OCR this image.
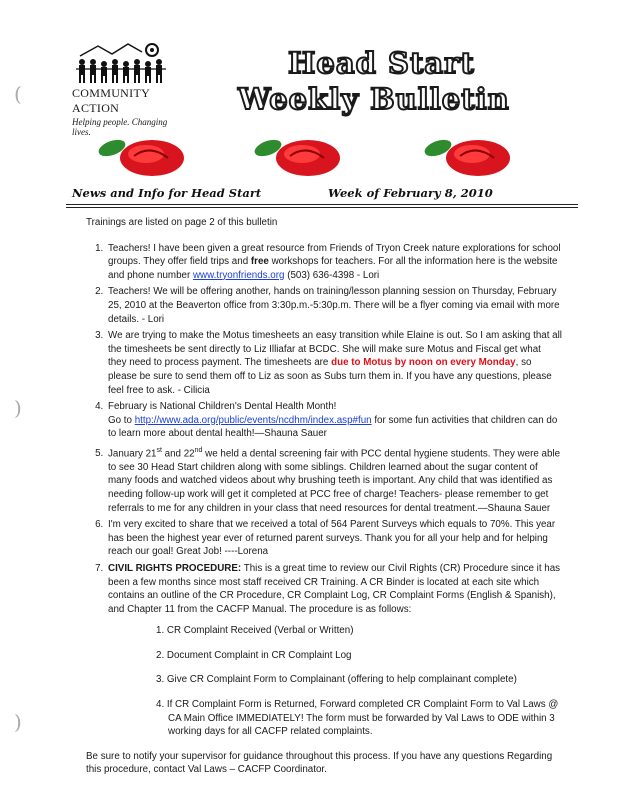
(
)
)
COMMUNITY ACTION
Helping people. Changing lives.
Head Start
Weekly Bulletin
News and Info for Head Start	Week of February 8, 2010

Trainings are listed on page 2 of this bulletin

1. Teachers! I have been given a great resource from Friends of Tryon Creek nature explorations for school groups. They offer field trips and free workshops for teachers. For all the information here is the website and phone number www.tryonfriends.org (503) 636-4398 - Lori
2. Teachers! We will be offering another, hands on training/lesson planning session on Thursday, February 25, 2010 at the Beaverton office from 3:30p.m.-5:30p.m. There will be a flyer coming via email with more details. - Lori
3. We are trying to make the Motus timesheets an easy transition while Elaine is out. So I am asking that all the timesheets be sent directly to Liz Illiafar at BCDC. She will make sure Motus and Fiscal get what they need to process payment. The timesheets are due to Motus by noon on every Monday, so please be sure to send them off to Liz as soon as Subs turn them in. If you have any questions, please feel free to ask. - Cilicia
4. February is National Children's Dental Health Month!
Go to http://www.ada.org/public/events/ncdhm/index.asp#fun for some fun activities that children can do to learn more about dental health!—Shauna Sauer
5. January 21st and 22nd we held a dental screening fair with PCC dental hygiene students. They were able to see 30 Head Start children along with some siblings. Children learned about the sugar content of many foods and watched videos about why brushing teeth is important. Any child that was identified as needing follow-up work will get it completed at PCC free of charge! Teachers- please remember to get referrals to me for any children in your class that need resources for dental treatment.—Shauna Sauer
6. I'm very excited to share that we received a total of 564 Parent Surveys which equals to 70%. This year has been the highest year ever of returned parent surveys. Thank you for all your help and for helping reach our goal! Great Job! ----Lorena
7. CIVIL RIGHTS PROCEDURE: This is a great time to review our Civil Rights (CR) Procedure since it has been a few months since most staff received CR Training. A CR Binder is located at each site which contains an outline of the CR Procedure, CR Complaint Log, CR Complaint Forms (English & Spanish), and Chapter 11 from the CACFP Manual. The procedure is as follows:
1. CR Complaint Received (Verbal or Written)
2. Document Complaint in CR Complaint Log
3. Give CR Complaint Form to Complainant (offering to help complainant complete)
4. If CR Complaint Form is Returned, Forward completed CR Complaint Form to Val Laws @ CA Main Office IMMEDIATELY! The form must be forwarded by Val Laws to ODE within 3 working days for all CACFP related complaints.

Be sure to notify your supervisor for guidance throughout this process. If you have any questions Regarding this procedure, contact Val Laws – CACFP Coordinator.
